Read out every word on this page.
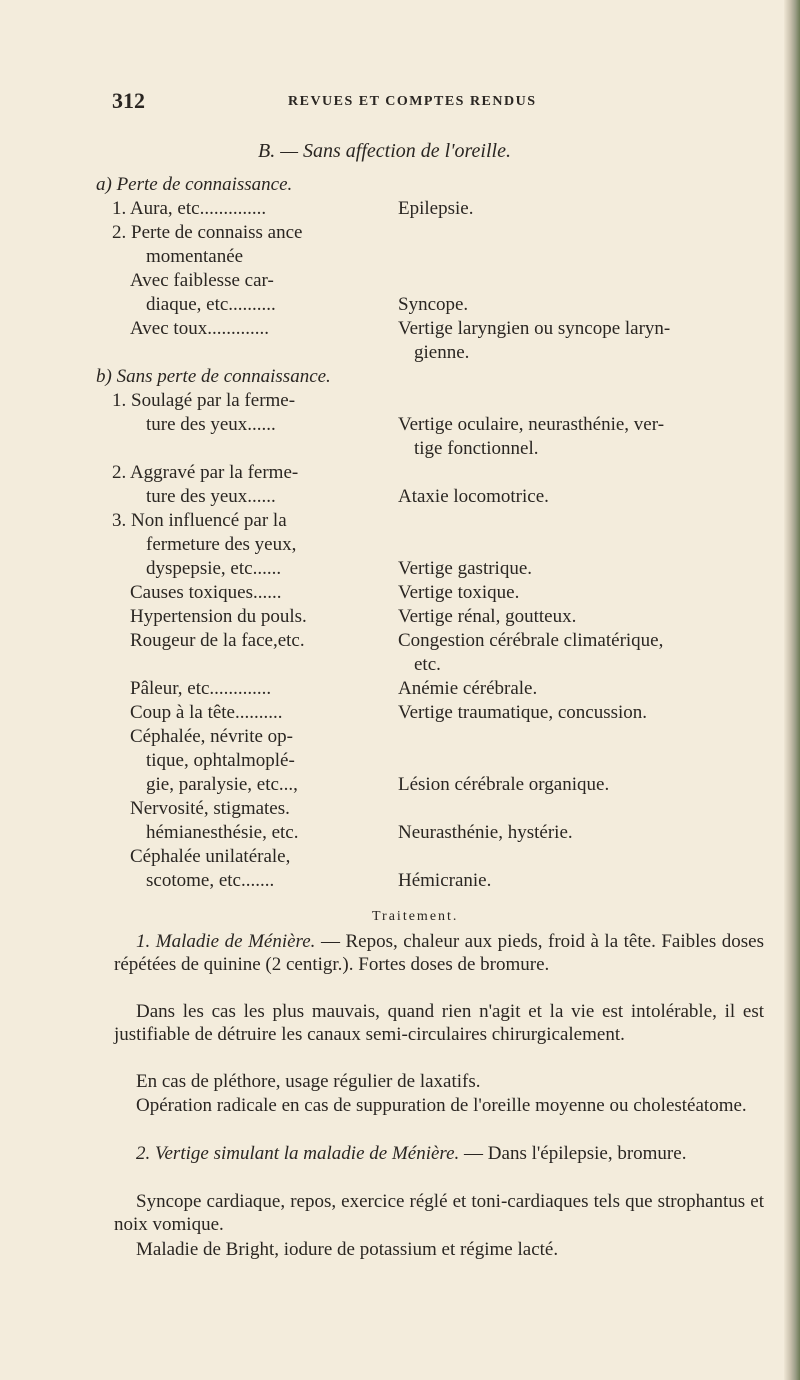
312	REVUES ET COMPTES RENDUS
B. — Sans affection de l'oreille.
a) Perte de connaissance.
1. Aura, etc..............	Epilepsie.
2. Perte de connaiss ance
momentanée
Avec faiblesse car-
diaque, etc..........	Syncope.
Avec toux.............	Vertige laryngien ou syncope laryn-
gienne.
b) Sans perte de connaissance.
1. Soulagé par la ferme-
ture des yeux......	Vertige oculaire, neurasthénie, ver-
tige fonctionnel.
2. Aggravé par la ferme-
ture des yeux......	Ataxie locomotrice.
3. Non influencé par la
fermeture des yeux,
dyspepsie, etc......	Vertige gastrique.
Causes toxiques......	Vertige toxique.
Hypertension du pouls.	Vertige rénal, goutteux.
Rougeur de la face,etc.	Congestion cérébrale climatérique,
etc.
Pâleur, etc.............	Anémie cérébrale.
Coup à la tête..........	Vertige traumatique, concussion.
Céphalée, névrite op-
tique, ophtalmoplé-
gie, paralysie, etc...,	Lésion cérébrale organique.
Nervosité, stigmates.
hémianesthésie, etc.	Neurasthénie, hystérie.
Céphalée unilatérale,
scotome, etc.......	Hémicranie.
Traitement.
1. Maladie de Ménière. — Repos, chaleur aux pieds, froid à la tête. Faibles doses répétées de quinine (2 centigr.). Fortes doses de bromure.
Dans les cas les plus mauvais, quand rien n'agit et la vie est intolérable, il est justifiable de détruire les canaux semi-circulaires chirurgicalement.
En cas de pléthore, usage régulier de laxatifs.
Opération radicale en cas de suppuration de l'oreille moyenne ou cholestéatome.
2. Vertige simulant la maladie de Ménière. — Dans l'épilepsie, bromure.
Syncope cardiaque, repos, exercice réglé et toni-cardiaques tels que strophantus et noix vomique.
Maladie de Bright, iodure de potassium et régime lacté.
